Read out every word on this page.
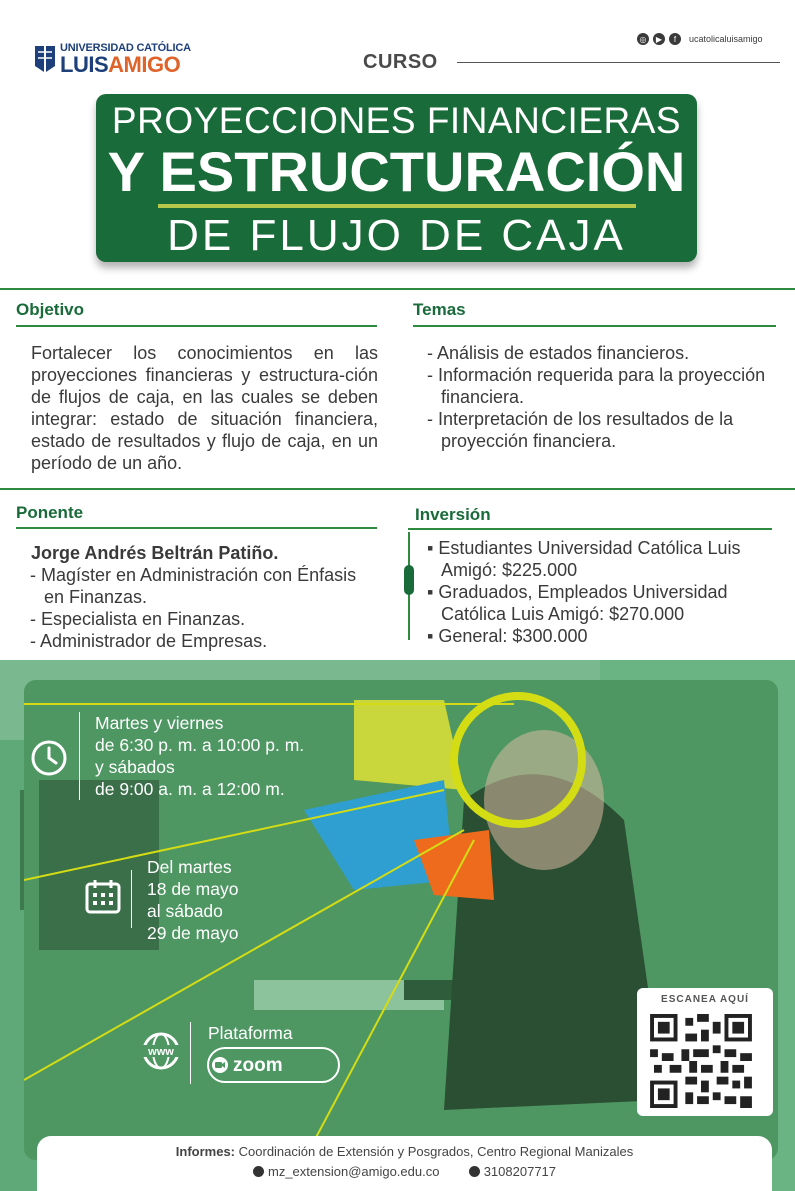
UNIVERSIDAD CATÓLICA
LUISAMIGO
◎	▶	f	ucatolicaluisamigo
CURSO
PROYECCIONES FINANCIERAS
Y ESTRUCTURACIÓN
DE FLUJO DE CAJA
Objetivo
Fortalecer los conocimientos en las proyecciones financieras y estructura-ción de flujos de caja, en las cuales se deben integrar: estado de situación financiera, estado de resultados y flujo de caja, en un período de un año.
Temas
- Análisis de estados financieros.
- Información requerida para la proyección financiera.
- Interpretación de los resultados de la proyección financiera.
Ponente
Jorge Andrés Beltrán Patiño.
- Magíster en Administración con Énfasis en Finanzas.
- Especialista en Finanzas.
- Administrador de Empresas.
Inversión
▪ Estudiantes Universidad Católica Luis Amigó: $225.000
▪ Graduados, Empleados Universidad Católica Luis Amigó: $270.000
▪ General: $300.000
Martes y viernes
de 6:30 p. m. a 10:00 p. m.
y sábados
de 9:00 a. m. a 12:00 m.
Del martes
18 de mayo
al sábado
29 de mayo
www
Plataforma
zoom
ESCANEA AQUÍ
Informes: Coordinación de Extensión y Posgrados, Centro Regional Manizales
mz_extension@amigo.edu.co	3108207717
